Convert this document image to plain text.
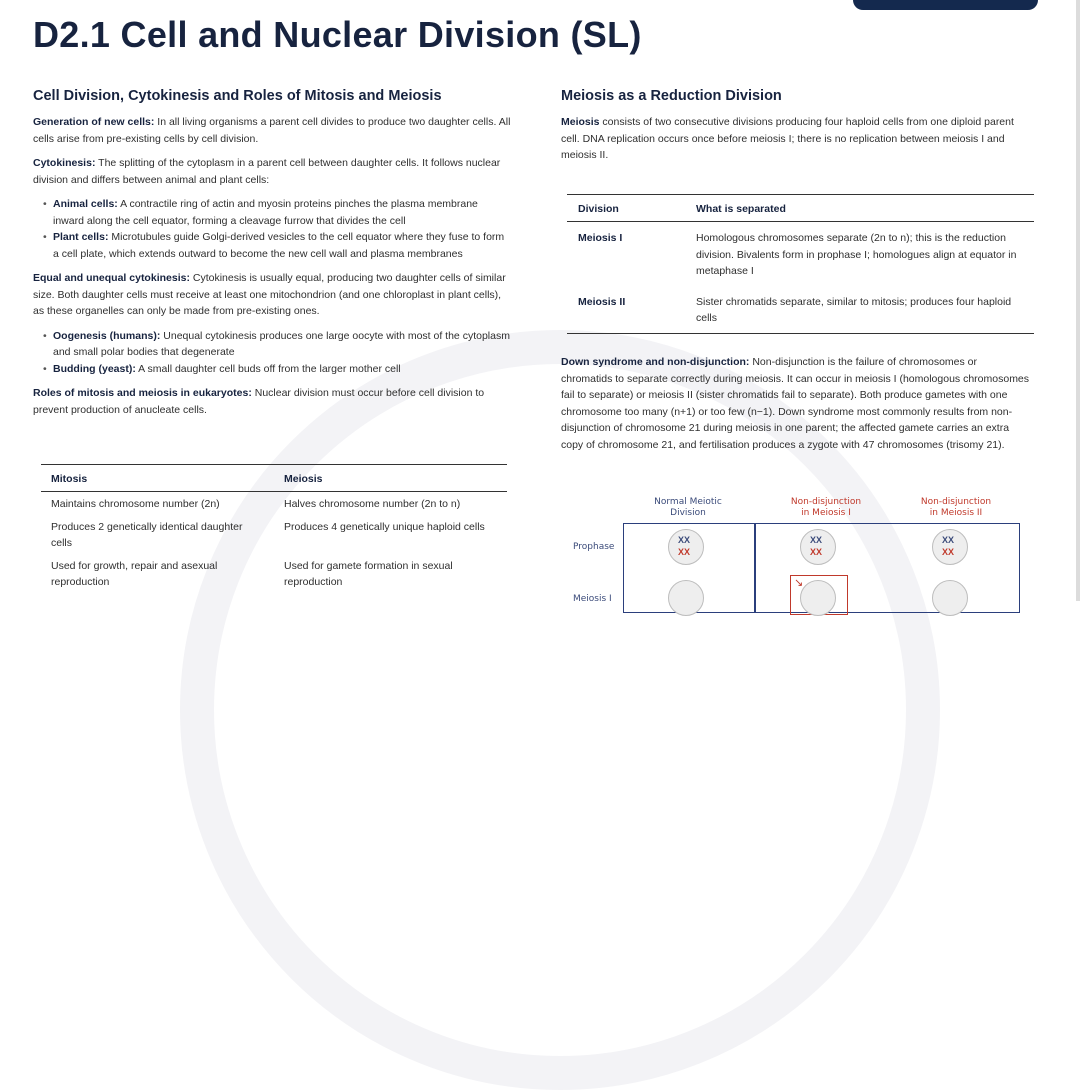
D2.1 Cell and Nuclear Division (SL)
Cell Division, Cytokinesis and Roles of Mitosis and Meiosis

Generation of new cells: In all living organisms a parent cell divides to produce two daughter cells. All cells arise from pre-existing cells by cell division.

Cytokinesis: The splitting of the cytoplasm in a parent cell between daughter cells. It follows nuclear division and differs between animal and plant cells:

• Animal cells: A contractile ring of actin and myosin proteins pinches the plasma membrane inward along the cell equator, forming a cleavage furrow that divides the cell
• Plant cells: Microtubules guide Golgi-derived vesicles to the cell equator where they fuse to form a cell plate, which extends outward to become the new cell wall and plasma membranes

Equal and unequal cytokinesis: Cytokinesis is usually equal, producing two daughter cells of similar size. Both daughter cells must receive at least one mitochondrion (and one chloroplast in plant cells), as these organelles can only be made from pre-existing ones.

• Oogenesis (humans): Unequal cytokinesis produces one large oocyte with most of the cytoplasm and small polar bodies that degenerate
• Budding (yeast): A small daughter cell buds off from the larger mother cell

Roles of mitosis and meiosis in eukaryotes: Nuclear division must occur before cell division to prevent production of anucleate cells.

Mitosis	Meiosis
Maintains chromosome number (2n)	Halves chromosome number (2n to n)
Produces 2 genetically identical daughter cells	Produces 4 genetically unique haploid cells
Used for growth, repair and asexual reproduction	Used for gamete formation in sexual reproduction
Meiosis as a Reduction Division

Meiosis consists of two consecutive divisions producing four haploid cells from one diploid parent cell. DNA replication occurs once before meiosis I; there is no replication between meiosis I and meiosis II.

Division	What is separated
Meiosis I	Homologous chromosomes separate (2n to n); this is the reduction division. Bivalents form in prophase I; homologues align at equator in metaphase I
Meiosis II	Sister chromatids separate, similar to mitosis; produces four haploid cells

Down syndrome and non-disjunction: Non-disjunction is the failure of chromosomes or chromatids to separate correctly during meiosis. It can occur in meiosis I (homologous chromosomes fail to separate) or meiosis II (sister chromatids fail to separate). Both produce gametes with one chromosome too many (n+1) or too few (n−1). Down syndrome most commonly results from non-disjunction of chromosome 21 during meiosis in one parent; the affected gamete carries an extra copy of chromosome 21, and fertilisation produces a zygote with 47 chromosomes (trisomy 21).

Normal Meiotic
Division
Non-disjunction
in Meiosis I
Non-disjunction
in Meiosis II
Prophase
Meiosis I
XX
XX
XX
XX
XX
XX
↘
